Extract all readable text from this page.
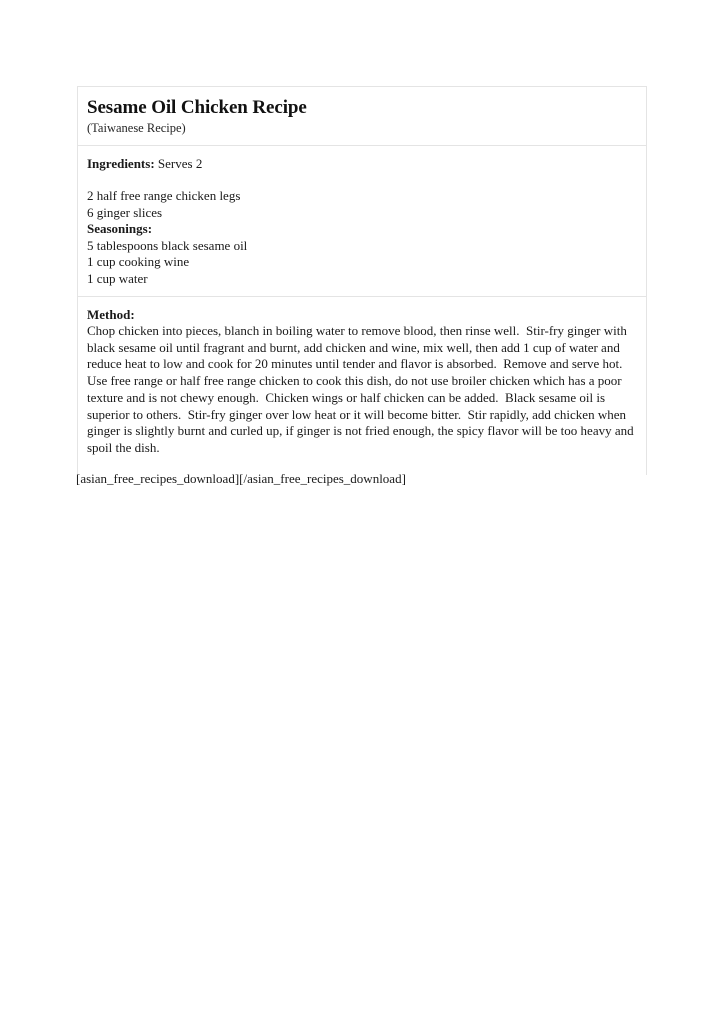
Sesame Oil Chicken Recipe
(Taiwanese Recipe)
Ingredients: Serves 2
2 half free range chicken legs
6 ginger slices
Seasonings:
5 tablespoons black sesame oil
1 cup cooking wine
1 cup water
Method:

Chop chicken into pieces, blanch in boiling water to remove blood, then rinse well.  Stir-fry ginger with black sesame oil until fragrant and burnt, add chicken and wine, mix well, then add 1 cup of water and reduce heat to low and cook for 20 minutes until tender and flavor is absorbed.  Remove and serve hot.  Use free range or half free range chicken to cook this dish, do not use broiler chicken which has a poor texture and is not chewy enough.  Chicken wings or half chicken can be added.  Black sesame oil is superior to others.  Stir-fry ginger over low heat or it will become bitter.  Stir rapidly, add chicken when ginger is slightly burnt and curled up, if ginger is not fried enough, the spicy flavor will be too heavy and spoil the dish.

[asian_free_recipes_download][/asian_free_recipes_download]
